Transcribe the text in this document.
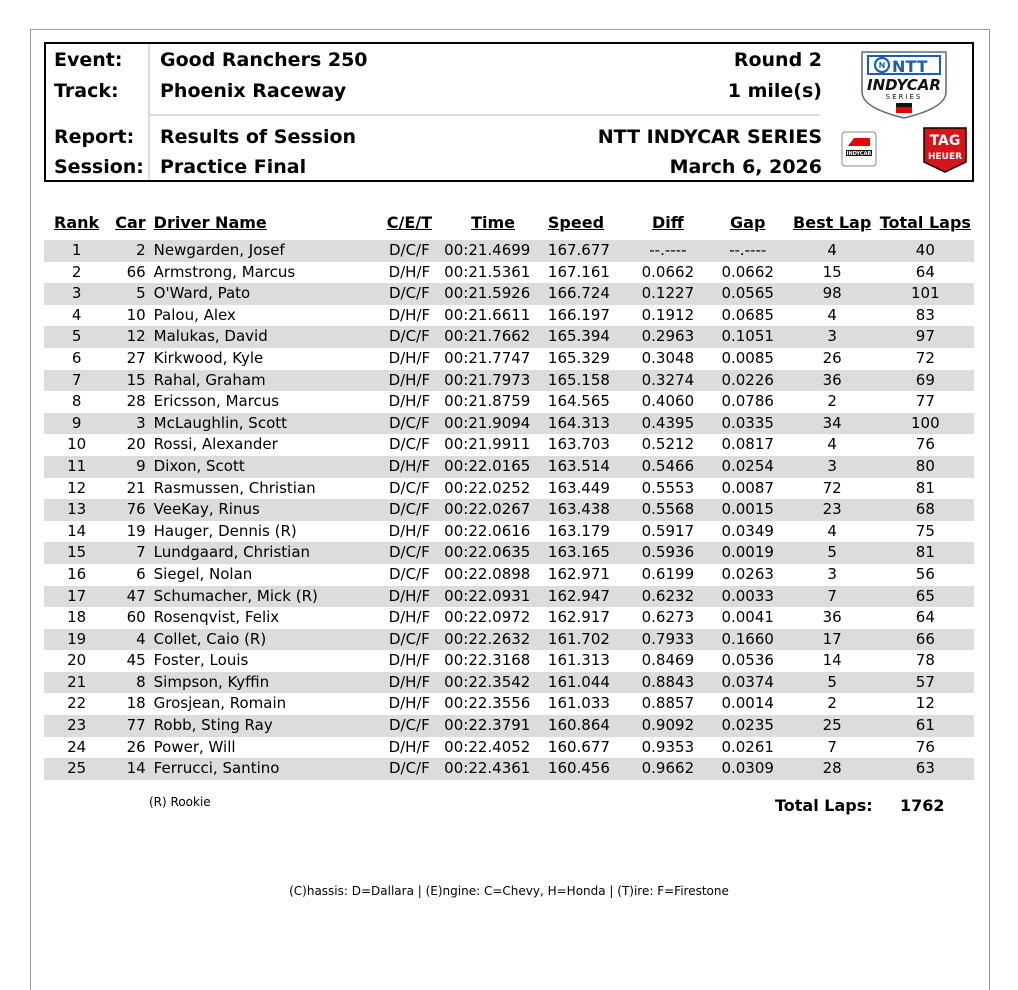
Event: Good Ranchers 250	Round 2
Track: Phoenix Raceway	1 mile(s)
Report: Results of Session	NTT INDYCAR SERIES
Session: Practice Final	March 6, 2026
NTT
INDYCAR
SERIES
INDYCAR
TAG
HEUER
Rank	Car	Driver Name	C/E/T	Time	Speed	Diff	Gap	Best Lap	Total Laps
1	2	Newgarden, Josef	D/C/F	00:21.4699	167.677	--.----	--.----	4	40
2	66	Armstrong, Marcus	D/H/F	00:21.5361	167.161	0.0662	0.0662	15	64
3	5	O'Ward, Pato	D/C/F	00:21.5926	166.724	0.1227	0.0565	98	101
4	10	Palou, Alex	D/H/F	00:21.6611	166.197	0.1912	0.0685	4	83
5	12	Malukas, David	D/C/F	00:21.7662	165.394	0.2963	0.1051	3	97
6	27	Kirkwood, Kyle	D/H/F	00:21.7747	165.329	0.3048	0.0085	26	72
7	15	Rahal, Graham	D/H/F	00:21.7973	165.158	0.3274	0.0226	36	69
8	28	Ericsson, Marcus	D/H/F	00:21.8759	164.565	0.4060	0.0786	2	77
9	3	McLaughlin, Scott	D/C/F	00:21.9094	164.313	0.4395	0.0335	34	100
10	20	Rossi, Alexander	D/C/F	00:21.9911	163.703	0.5212	0.0817	4	76
11	9	Dixon, Scott	D/H/F	00:22.0165	163.514	0.5466	0.0254	3	80
12	21	Rasmussen, Christian	D/C/F	00:22.0252	163.449	0.5553	0.0087	72	81
13	76	VeeKay, Rinus	D/C/F	00:22.0267	163.438	0.5568	0.0015	23	68
14	19	Hauger, Dennis (R)	D/H/F	00:22.0616	163.179	0.5917	0.0349	4	75
15	7	Lundgaard, Christian	D/C/F	00:22.0635	163.165	0.5936	0.0019	5	81
16	6	Siegel, Nolan	D/C/F	00:22.0898	162.971	0.6199	0.0263	3	56
17	47	Schumacher, Mick (R)	D/H/F	00:22.0931	162.947	0.6232	0.0033	7	65
18	60	Rosenqvist, Felix	D/H/F	00:22.0972	162.917	0.6273	0.0041	36	64
19	4	Collet, Caio (R)	D/C/F	00:22.2632	161.702	0.7933	0.1660	17	66
20	45	Foster, Louis	D/H/F	00:22.3168	161.313	0.8469	0.0536	14	78
21	8	Simpson, Kyffin	D/H/F	00:22.3542	161.044	0.8843	0.0374	5	57
22	18	Grosjean, Romain	D/H/F	00:22.3556	161.033	0.8857	0.0014	2	12
23	77	Robb, Sting Ray	D/C/F	00:22.3791	160.864	0.9092	0.0235	25	61
24	26	Power, Will	D/H/F	00:22.4052	160.677	0.9353	0.0261	7	76
25	14	Ferrucci, Santino	D/C/F	00:22.4361	160.456	0.9662	0.0309	28	63
(R) Rookie	Total Laps: 1762
(C)hassis: D=Dallara | (E)ngine: C=Chevy, H=Honda | (T)ire: F=Firestone
